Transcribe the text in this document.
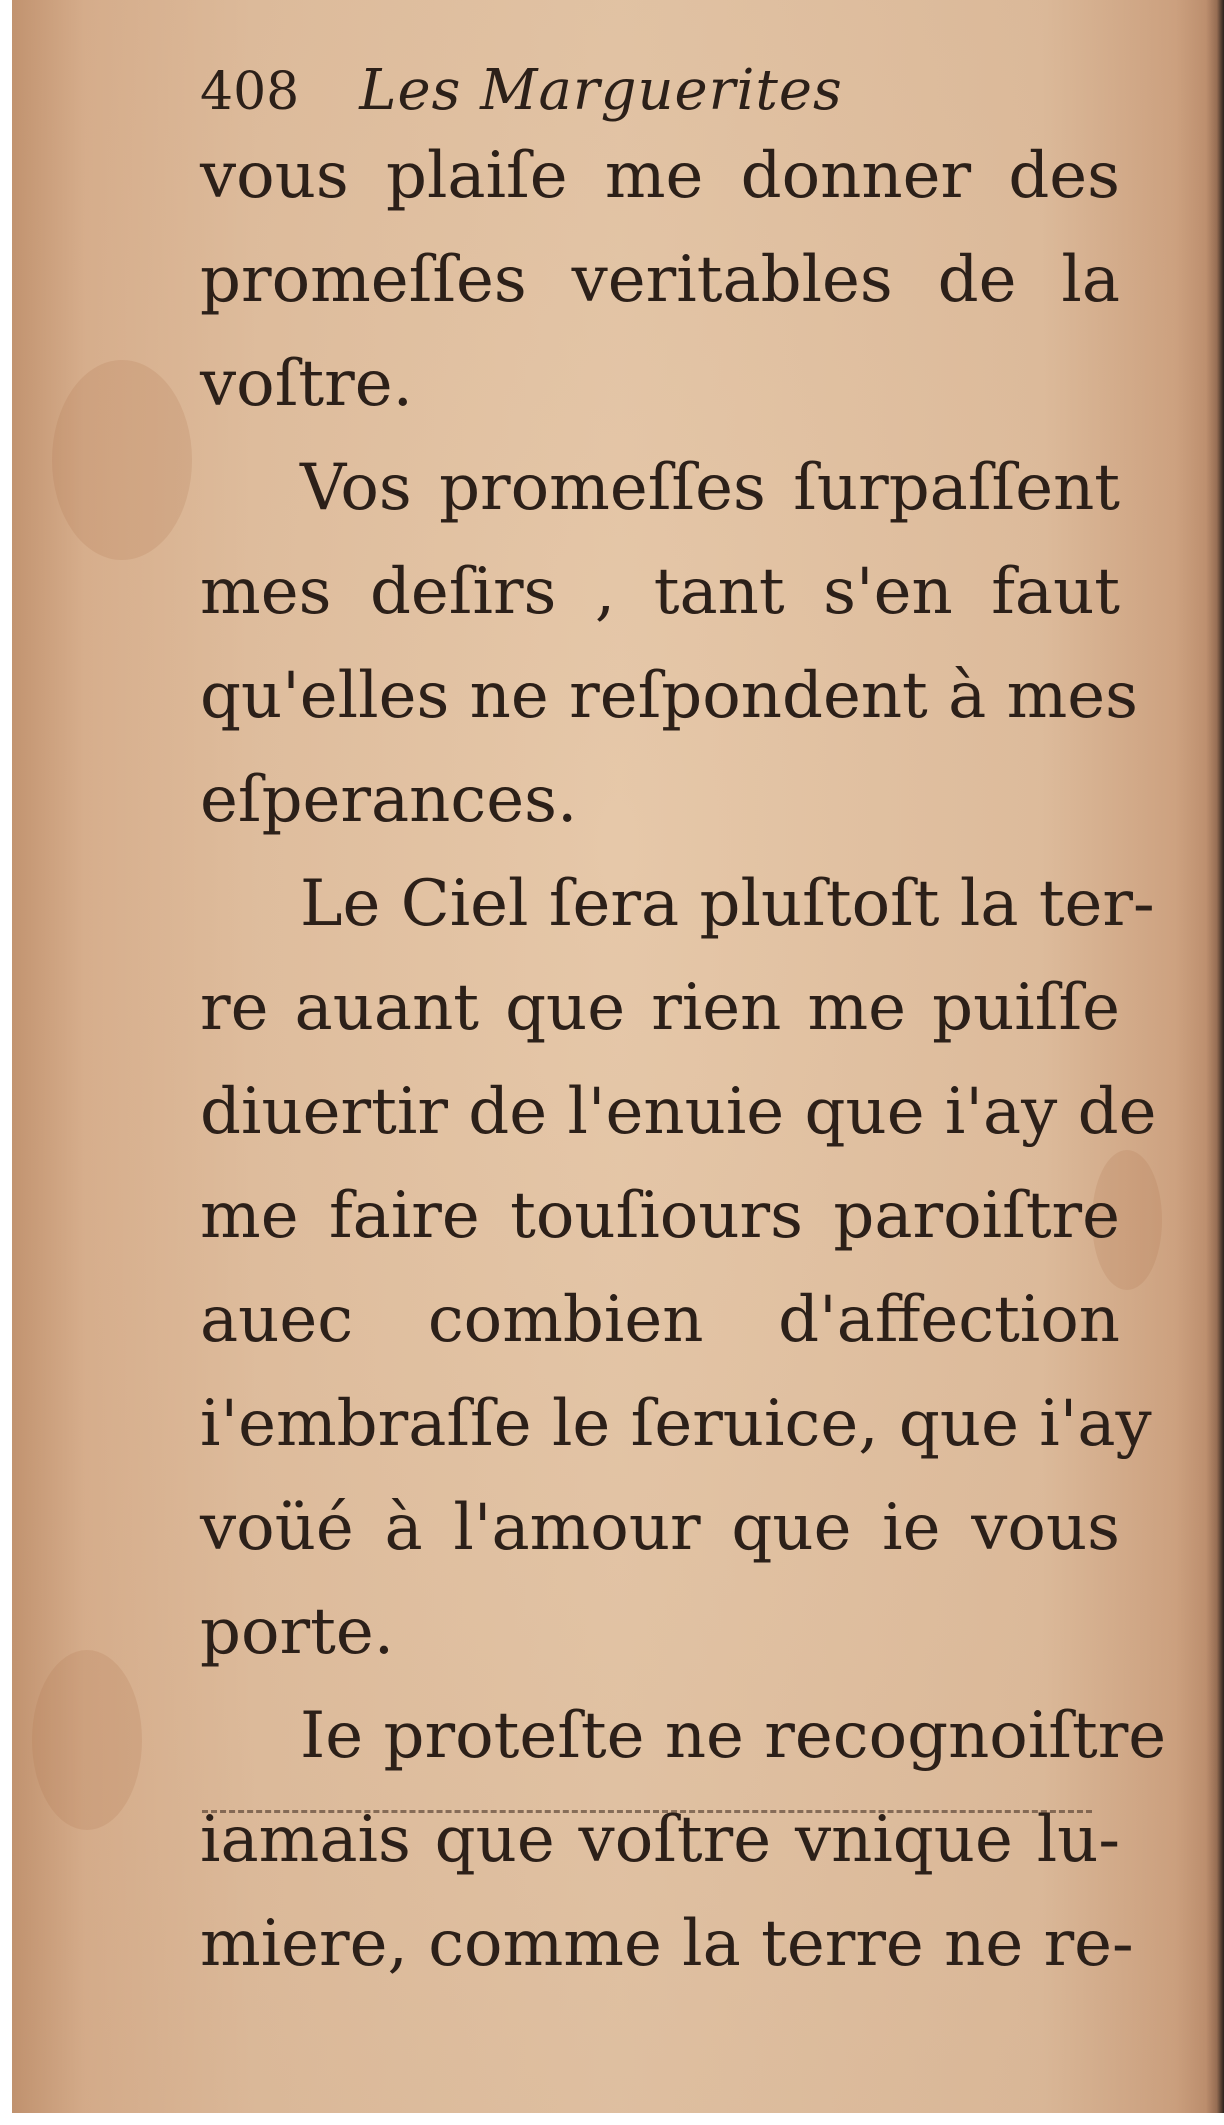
408 Les Marguerites
vous plaiſe me donner des
promeſſes veritables de la
voſtre.
Vos promeſſes ſurpaſſent
mes deſirs , tant s'en faut
qu'elles ne reſpondent à mes
eſperances.
Le Ciel ſera pluſtoſt la ter-
re auant que rien me puiſſe
diuertir de l'enuie que i'ay de
me faire touſiours paroiſtre
auec combien d'affection
i'embraſſe le ſeruice, que i'ay
voüé à l'amour que ie vous
porte.
Ie proteſte ne recognoiſtre
iamais que voſtre vnique lu-
miere, comme la terre ne re-
